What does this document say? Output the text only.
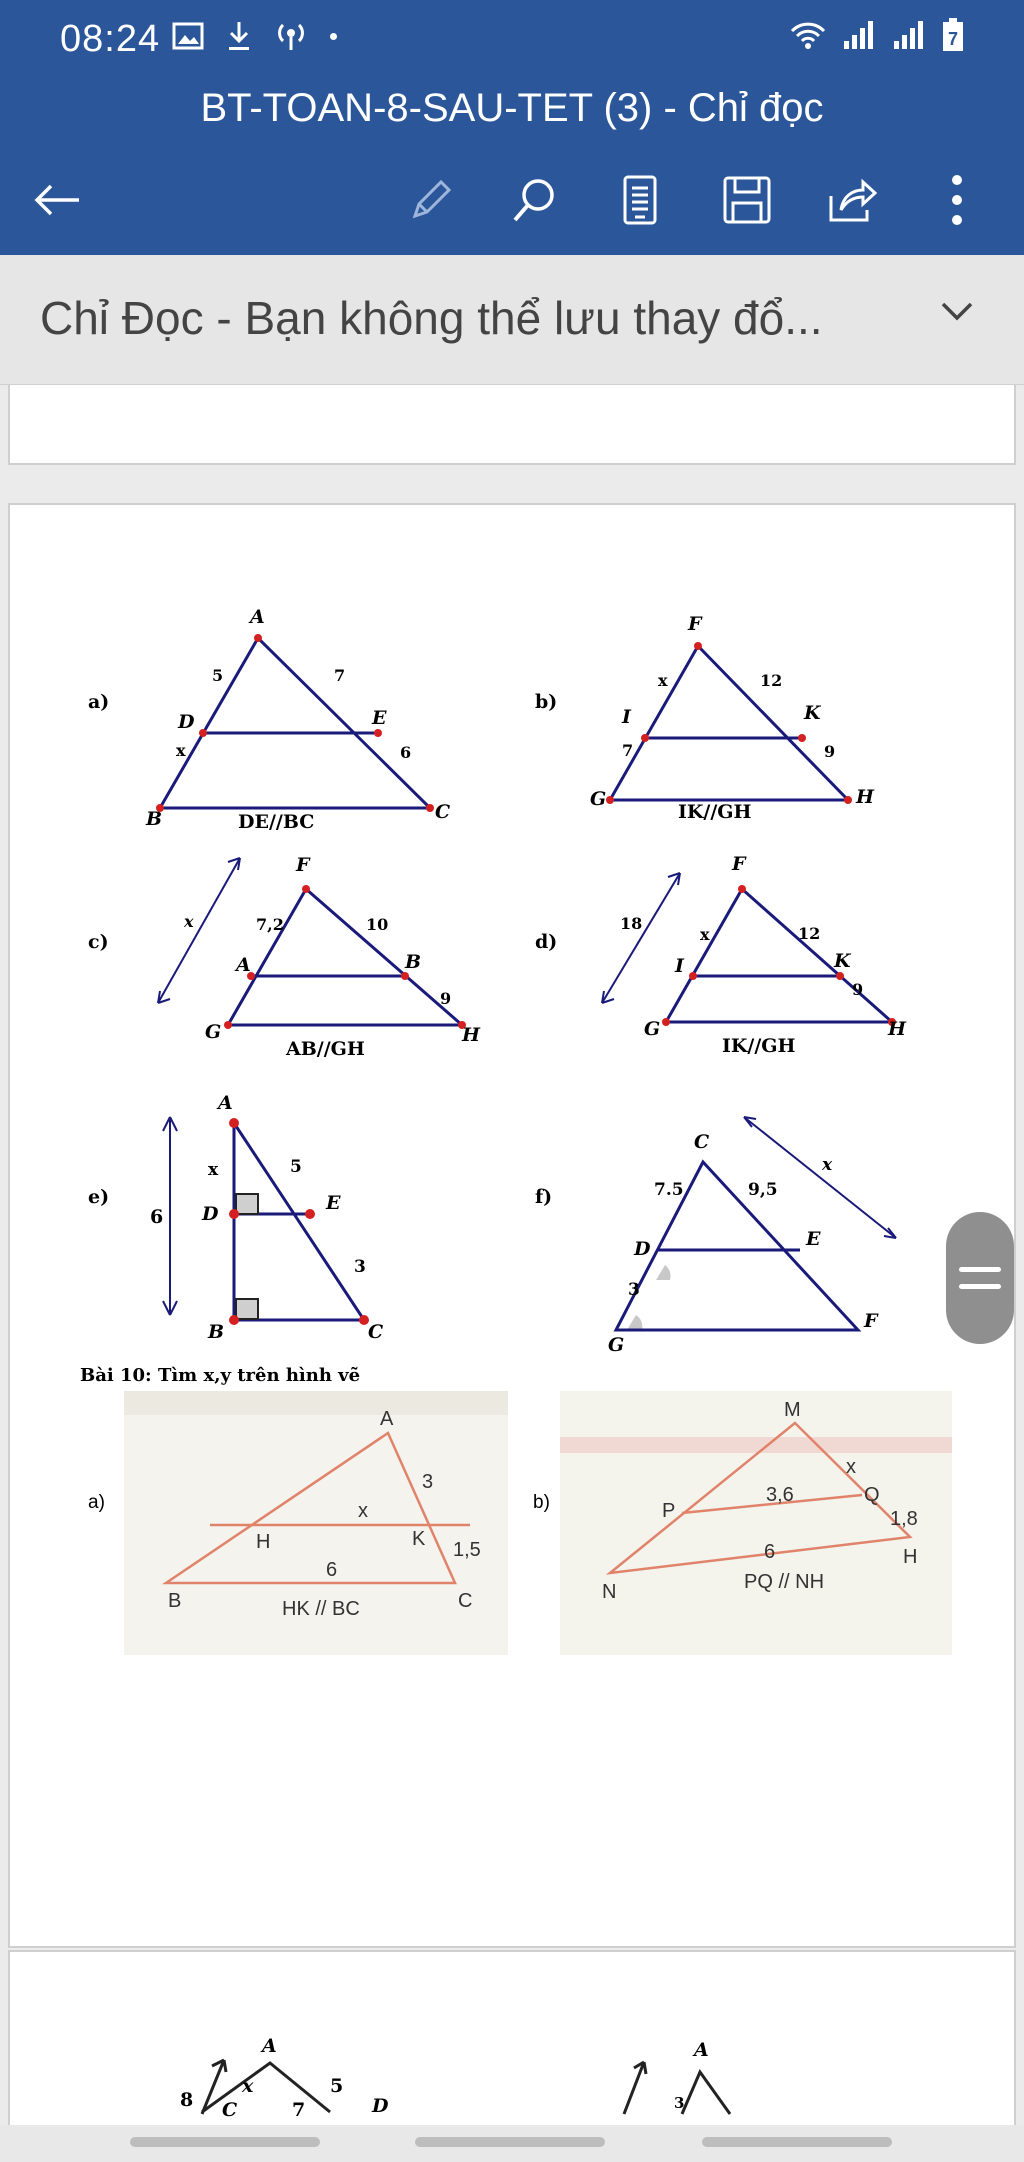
08:24	7
BT-TOAN-8-SAU-TET (3) - Chỉ đọc
Chỉ Đọc - Bạn không thể lưu thay đổ...
a)	b)
c)	d)
e)	f)
A
D	E
B	C
5	7
x	6
DE//BC
F
I	K
G	H
x	12
7	9
IK//GH
F
A	B
G	H
x	7,2	10
9
AB//GH
F
I	K
G	H
18
x	12
9
IK//GH
A
D	E
B	C
6
x	5
3
C
D	E
F
G
7.5	9,5
3
x
Bài 10: Tìm x,y trên hình vẽ
a)
A
3
x
H	K 1,5
6
B	HK // BC	C
b)
M
x
3,6	Q
P	1,8
6	H
PQ // NH
N
A
8
x	5
C	7	D
A
3
